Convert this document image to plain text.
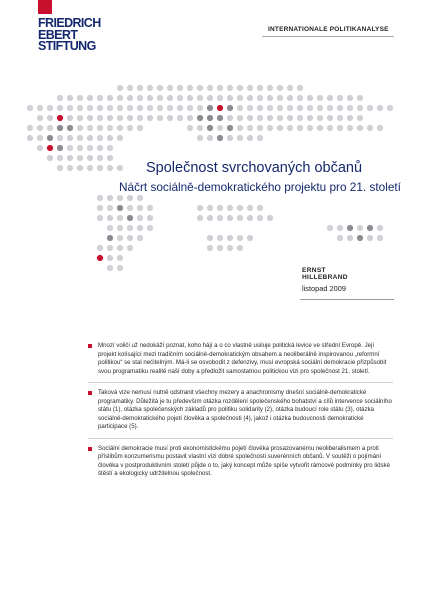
FRIEDRICH
EBERT
STIFTUNG
INTERNATIONALE POLITIKANALYSE
Společnost svrchovaných občanů
Náčrt sociálně-demokratického projektu pro 21. století
ERNST HILLEBRAND
listopad 2009

Mnozí voliči už nedokáží poznat, koho hájí a o co vlastně usiluje politická levice ve střední Evropě. Její projekt kolísající mezi tradičním sociálně-demokratickým obsahem a neoliberálně inspirovanou „reformní politikou“ se stal nečitelným. Má-li se osvobodit z defenzivy, musí evropská sociální demokracie přizpůsobit svou programatiku realitě naší doby a předložit samostatnou politickou vizi pro společnost 21. století.

Taková vize nemusí nutně odstranit všechny mezery a anachronismy dnešní sociálně-demokratické programatiky. Důležitá je tu především otázka rozdělení společenského bohatství a cílů intervence sociálního státu (1), otázka společenských základů pro politiku solidarity (2), otázka budoucí role státu (3), otázka sociálně-demokratického pojetí člověka a společnosti (4), jakož i otázka budoucnosti demokratické participace (5).

Sociální demokracie musí proti ekonomistickému pojetí člověka prosazovanému neoliberalismem a proti příslibům konzumerismu postavit vlastní vizi dobré společnosti suverénních občanů. V soutěži o pojímání člověka v postproduktivním století půjde o to, jaký koncept může spíše vytvořit rámcové podmínky pro lidské štěstí a ekologicky udržitelnou společnost.
